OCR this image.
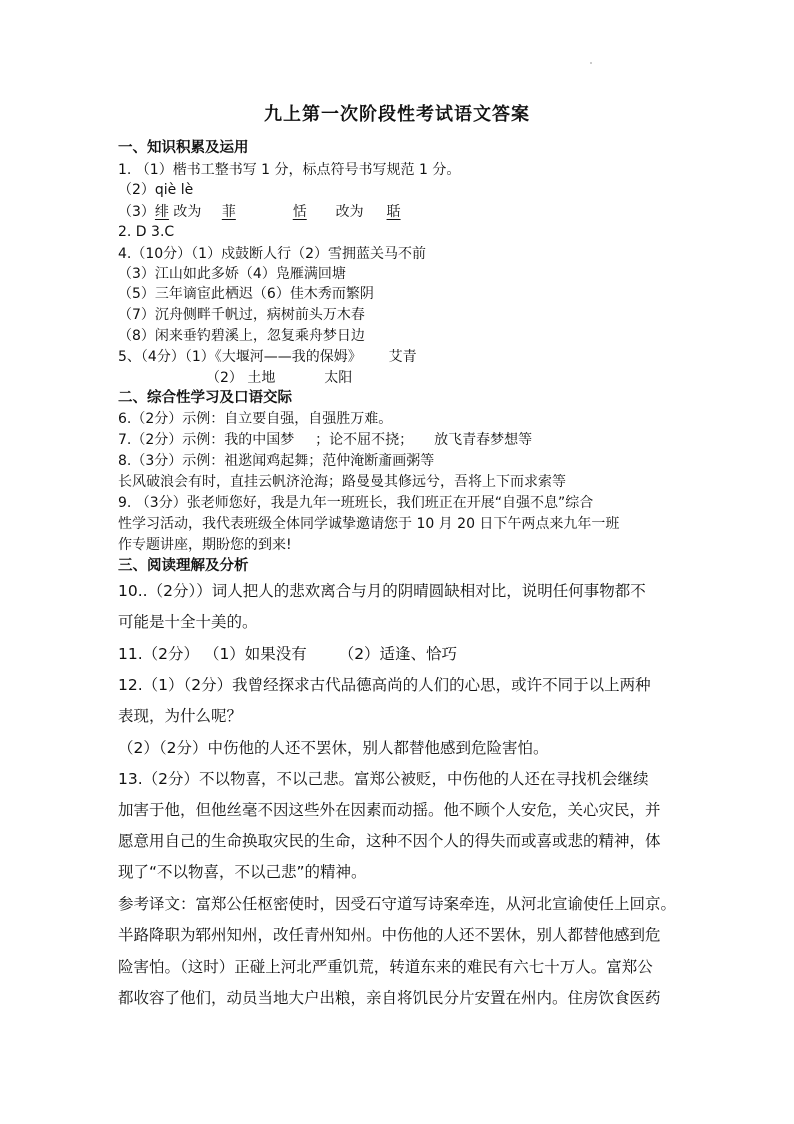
九上第一次阶段性考试语文答案
一、知识积累及运用
1. （1）楷书工整书写 1 分，标点符号书写规范 1 分。
（2）qiè lè
（3）绯 改为 菲	恬 改为 聒
2. D 3.C
4.（10分）（1）戍鼓断人行（2）雪拥蓝关马不前
（3）江山如此多娇（4）凫雁满回塘
（5）三年谪宦此栖迟（6）佳木秀而繁阴
（7）沉舟侧畔千帆过，病树前头万木春
（8）闲来垂钓碧溪上，忽复乘舟梦日边
5、（4分）（1）《大堰河——我的保姆》 艾青
（2） 土地	太阳
二、综合性学习及口语交际
6.（2分）示例：自立要自强，自强胜万难。
7.（2分）示例：我的中国梦 ；论不屈不挠； 放飞青春梦想等
8.（3分）示例：祖逖闻鸡起舞；范仲淹断齑画粥等
长风破浪会有时，直挂云帆济沧海；路曼曼其修远兮，吾将上下而求索等
9. （3分）张老师您好，我是九年一班班长，我们班正在开展“自强不息”综合
性学习活动，我代表班级全体同学诚挚邀请您于 10 月 20 日下午两点来九年一班
作专题讲座，期盼您的到来!
三、阅读理解及分析
10..（2分））词人把人的悲欢离合与月的阴晴圆缺相对比，说明任何事物都不
可能是十全十美的。
11.（2分） （1）如果没有 （2）适逢、恰巧
12.（1）（2分）我曾经探求古代品德高尚的人们的心思，或许不同于以上两种
表现，为什么呢？
（2）（2分）中伤他的人还不罢休，别人都替他感到危险害怕。
13.（2分）不以物喜，不以己悲。富郑公被贬，中伤他的人还在寻找机会继续
加害于他，但他丝毫不因这些外在因素而动摇。他不顾个人安危，关心灾民，并
愿意用自己的生命换取灾民的生命，这种不因个人的得失而或喜或悲的精神，体
现了“不以物喜，不以己悲”的精神。
参考译文：富郑公任枢密使时，因受石守道写诗案牵连，从河北宣谕使任上回京。
半路降职为郓州知州，改任青州知州。中伤他的人还不罢休，别人都替他感到危
险害怕。（这时）正碰上河北严重饥荒，转道东来的难民有六七十万人。富郑公
都收容了他们，动员当地大户出粮，亲自将饥民分片安置在州内。住房饮食医药
